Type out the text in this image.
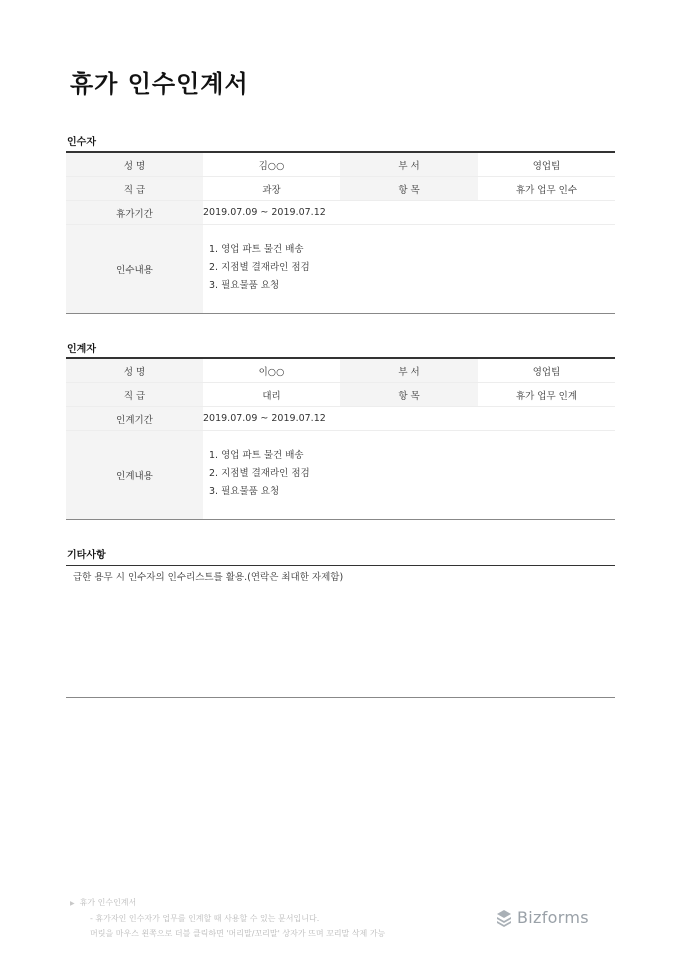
휴가 인수인계서
인수자
성 명	김○○	부 서	영업팀
직 급	과장	항 목	휴가 업무 인수
휴가기간	2019.07.09 ~ 2019.07.12		
인수내용	1. 영업 파트 물건 배송
2. 지점별 결재라인 점검
3. 필요물품 요청		
인계자
성 명	이○○	부 서	영업팀
직 급	대리	항 목	휴가 업무 인계
인계기간	2019.07.09 ~ 2019.07.12		
인계내용	1. 영업 파트 물건 배송
2. 지점별 결재라인 점검
3. 필요물품 요청		
기타사항
급한 용무 시 인수자의 인수리스트를 활용.(연락은 최대한 자제함)
▶ 휴가 인수인계서
- 휴가자인 인수자가 업무를 인계할 때 사용할 수 있는 문서입니다.
머릿을 마우스 왼쪽으로 더블 클릭하면 '머리말/꼬리말' 상자가 뜨며 꼬리말 삭제 가능
Bizforms
